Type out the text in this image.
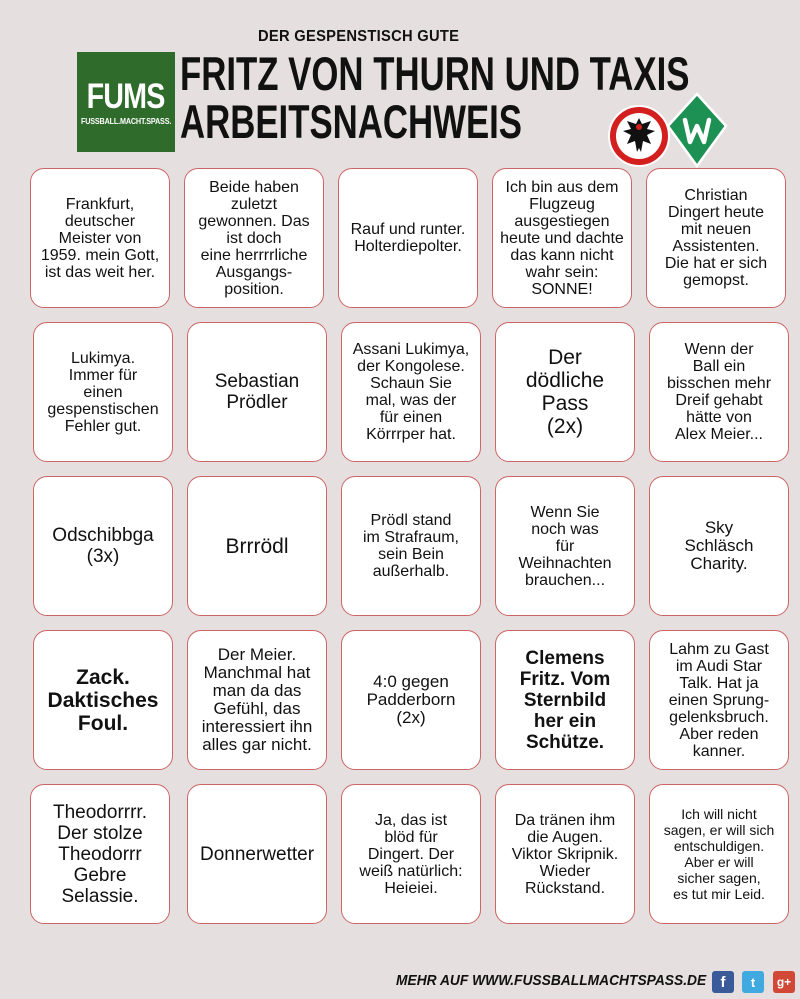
DER GESPENSTISCH GUTE
FUMS
FUSSBALL.MACHT.SPASS.
FRITZ VON THURN UND TAXIS
ARBEITSNACHWEIS
Frankfurt,
deutscher
Meister von
1959. mein Gott,
ist das weit her.
Beide haben
zuletzt
gewonnen. Das
ist doch
eine herrrrliche
Ausgangs-
position.
Rauf und runter.
Holterdiepolter.
Ich bin aus dem
Flugzeug
ausgestiegen
heute und dachte
das kann nicht
wahr sein:
SONNE!
Christian
Dingert heute
mit neuen
Assistenten.
Die hat er sich
gemopst.
Lukimya.
Immer für
einen
gespenstischen
Fehler gut.
Sebastian
Prödler
Assani Lukimya,
der Kongolese.
Schaun Sie
mal, was der
für einen
Körrrper hat.
Der
dödliche
Pass
(2x)
Wenn der
Ball ein
bisschen mehr
Dreif gehabt
hätte von
Alex Meier...
Odschibbga
(3x)	Brrrödl
Prödl stand
im Strafraum,
sein Bein
außerhalb.
Wenn Sie
noch was
für
Weihnachten
brauchen...
Sky
Schläsch
Charity.
Zack.
Daktisches
Foul.
Der Meier.
Manchmal hat
man da das
Gefühl, das
interessiert ihn
alles gar nicht.
4:0 gegen
Padderborn
(2x)
Clemens
Fritz. Vom
Sternbild
her ein
Schütze.
Lahm zu Gast
im Audi Star
Talk. Hat ja
einen Sprung-
gelenksbruch.
Aber reden
kanner.
Theodorrrr.
Der stolze
Theodorrr
Gebre
Selassie.
Donnerwetter
Ja, das ist
blöd für
Dingert. Der
weiß natürlich:
Heieiei.
Da tränen ihm
die Augen.
Viktor Skripnik.
Wieder
Rückstand.
Ich will nicht
sagen, er will sich
entschuldigen.
Aber er will
sicher sagen,
es tut mir Leid.
MEHR AUF WWW.FUSSBALLMACHTSPASS.DE f	t	g+
